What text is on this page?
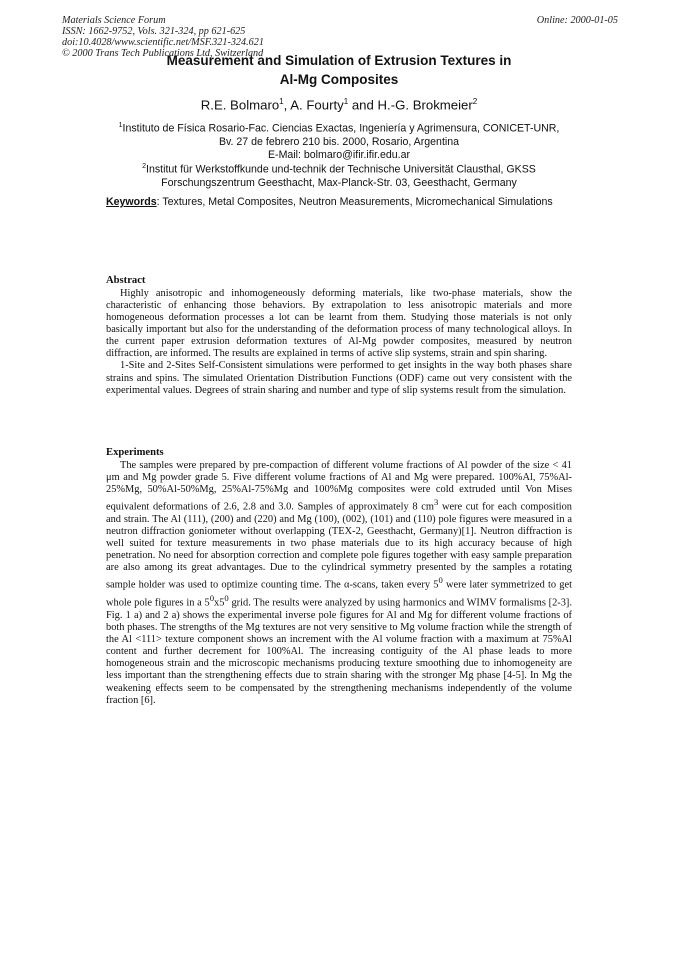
Materials Science Forum
ISSN: 1662-9752, Vols. 321-324, pp 621-625
doi:10.4028/www.scientific.net/MSF.321-324.621
© 2000 Trans Tech Publications Ltd, Switzerland
Online: 2000-01-05
Measurement and Simulation of Extrusion Textures in
Al-Mg Composites
R.E. Bolmaro$^1$, A. Fourty$^1$ and H.-G. Brokmeier$^2$
$^1$Instituto de Física Rosario-Fac. Ciencias Exactas, Ingeniería y Agrimensura, CONICET-UNR,
Bv. 27 de febrero 210 bis. 2000, Rosario, Argentina
E-Mail: bolmaro@ifir.ifir.edu.ar
$^2$Institut für Werkstoffkunde und-technik der Technische Universität Clausthal, GKSS
Forschungszentrum Geesthacht, Max-Planck-Str. 03, Geesthacht, Germany
Keywords: Textures, Metal Composites, Neutron Measurements, Micromechanical Simulations
Abstract

Highly anisotropic and inhomogeneously deforming materials, like two-phase materials, show the characteristic of enhancing those behaviors. By extrapolation to less anisotropic materials and more homogeneous deformation processes a lot can be learnt from them. Studying those materials is not only basically important but also for the understanding of the deformation process of many technological alloys. In the current paper extrusion deformation textures of Al-Mg powder composites, measured by neutron diffraction, are informed. The results are explained in terms of active slip systems, strain and spin sharing.

1-Site and 2-Sites Self-Consistent simulations were performed to get insights in the way both phases share strains and spins. The simulated Orientation Distribution Functions (ODF) came out very consistent with the experimental values. Degrees of strain sharing and number and type of slip systems result from the simulation.

Experiments

The samples were prepared by pre-compaction of different volume fractions of Al powder of the size < 41 μm and Mg powder grade 5. Five different volume fractions of Al and Mg were prepared. 100%Al, 75%Al-25%Mg, 50%Al-50%Mg, 25%Al-75%Mg and 100%Mg composites were cold extruded until Von Mises equivalent deformations of 2.6, 2.8 and 3.0. Samples of approximately 8 $cm^3$ were cut for each composition and strain. The Al (111), (200) and (220) and Mg (100), (002), (101) and (110) pole figures were measured in a neutron diffraction goniometer without overlapping (TEX-2, Geesthacht, Germany)[1]. Neutron diffraction is well suited for texture measurements in two phase materials due to its high accuracy because of high penetration. No need for absorption correction and complete pole figures together with easy sample preparation are also among its great advantages. Due to the cylindrical symmetry presented by the samples a rotating sample holder was used to optimize counting time. The α-scans, taken every $5^0$ were later symmetrized to get whole pole figures in a $5^0x5^0$ grid. The results were analyzed by using harmonics and WIMV formalisms [2-3]. Fig. 1 a) and 2 a) shows the experimental inverse pole figures for Al and Mg for different volume fractions of both phases. The strengths of the Mg textures are not very sensitive to Mg volume fraction while the strength of the Al <111> texture component shows an increment with the Al volume fraction with a maximum at 75%Al content and further decrement for 100%Al. The increasing contiguity of the Al phase leads to more homogeneous strain and the microscopic mechanisms producing texture smoothing due to inhomogeneity are less important than the strengthening effects due to strain sharing with the stronger Mg phase [4-5]. In Mg the weakening effects seem to be compensated by the strengthening mechanisms independently of the volume fraction [6].
